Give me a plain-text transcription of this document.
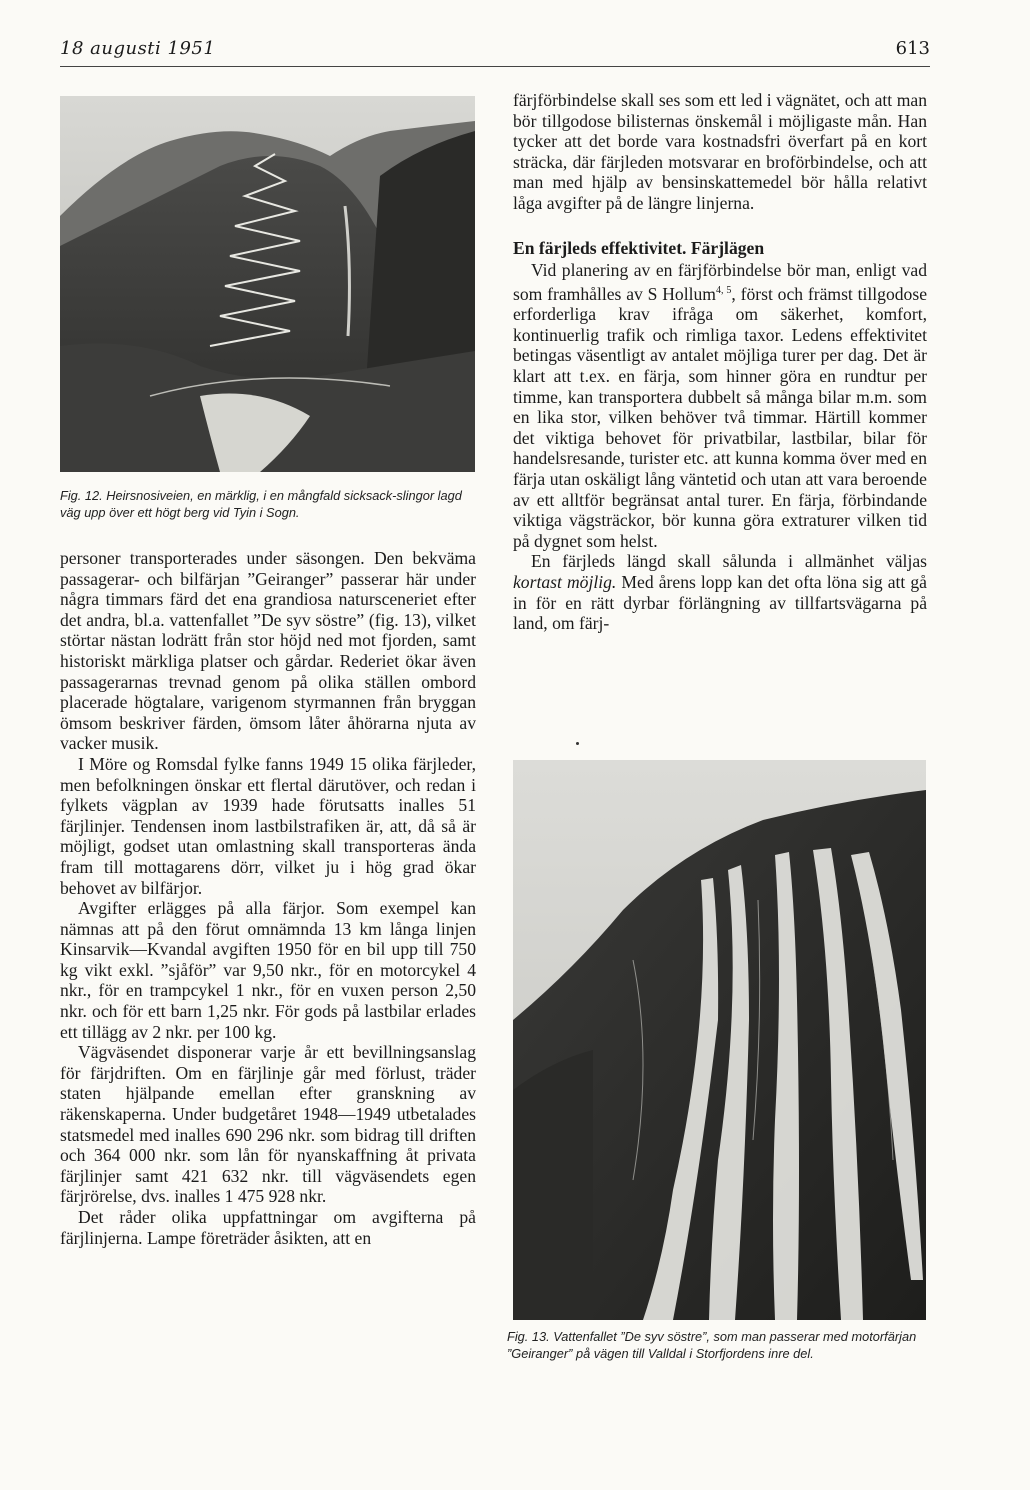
18 augusti 1951	613
Fig. 12. Heirsnosiveien, en märklig, i en mångfald sicksack-slingor lagd väg upp över ett högt berg vid Tyin i Sogn.

personer transporterades under säsongen. Den bekväma passagerar- och bilfärjan ”Geiranger” passerar här under några timmars färd det ena grandiosa natursceneriet efter det andra, bl.a. vattenfallet ”De syv söstre” (fig. 13), vilket störtar nästan lodrätt från stor höjd ned mot fjorden, samt historiskt märkliga platser och gårdar. Rederiet ökar även passagerarnas trevnad genom på olika ställen ombord placerade högtalare, varigenom styrmannen från bryggan ömsom beskriver färden, ömsom låter åhörarna njuta av vacker musik.

I Möre og Romsdal fylke fanns 1949 15 olika färjleder, men befolkningen önskar ett flertal därutöver, och redan i fylkets vägplan av 1939 hade förutsatts inalles 51 färjlinjer. Tendensen inom lastbilstrafiken är, att, då så är möjligt, godset utan omlastning skall transporteras ända fram till mottagarens dörr, vilket ju i hög grad ökar behovet av bilfärjor.

Avgifter erlägges på alla färjor. Som exempel kan nämnas att på den förut omnämnda 13 km långa linjen Kinsarvik—Kvandal avgiften 1950 för en bil upp till 750 kg vikt exkl. ”sjåför” var 9,50 nkr., för en motorcykel 4 nkr., för en trampcykel 1 nkr., för en vuxen person 2,50 nkr. och för ett barn 1,25 nkr. För gods på lastbilar erlades ett tillägg av 2 nkr. per 100 kg.

Vägväsendet disponerar varje år ett bevillningsanslag för färjdriften. Om en färjlinje går med förlust, träder staten hjälpande emellan efter granskning av räkenskaperna. Under budgetåret 1948—1949 utbetalades statsmedel med inalles 690 296 nkr. som bidrag till driften och 364 000 nkr. som lån för nyanskaffning åt privata färjlinjer samt 421 632 nkr. till vägväsendets egen färjrörelse, dvs. inalles 1 475 928 nkr.

Det råder olika uppfattningar om avgifterna på färjlinjerna. Lampe företräder åsikten, att en

färjförbindelse skall ses som ett led i vägnätet, och att man bör tillgodose bilisternas önskemål i möjligaste mån. Han tycker att det borde vara kostnadsfri överfart på en kort sträcka, där färjleden motsvarar en broförbindelse, och att man med hjälp av bensinskattemedel bör hålla relativt låga avgifter på de längre linjerna.

En färjleds effektivitet. Färjlägen

Vid planering av en färjförbindelse bör man, enligt vad som framhålles av S Hollum$^{4, 5}$, först och främst tillgodose erforderliga krav ifråga om säkerhet, komfort, kontinuerlig trafik och rimliga taxor. Ledens effektivitet betingas väsentligt av antalet möjliga turer per dag. Det är klart att t.ex. en färja, som hinner göra en rundtur per timme, kan transportera dubbelt så många bilar m.m. som en lika stor, vilken behöver två timmar. Härtill kommer det viktiga behovet för privatbilar, lastbilar, bilar för handelsresande, turister etc. att kunna komma över med en färja utan oskäligt lång väntetid och utan att vara beroende av ett alltför begränsat antal turer. En färja, förbindande viktiga vägsträckor, bör kunna göra extraturer vilken tid på dygnet som helst.

En färjleds längd skall sålunda i allmänhet väljas kortast möjlig. Med årens lopp kan det ofta löna sig att gå in för en rätt dyrbar förlängning av tillfartsvägarna på land, om färj-

Fig. 13. Vattenfallet ”De syv söstre”, som man passerar med motorfärjan ”Geiranger” på vägen till Valldal i Storfjordens inre del.
